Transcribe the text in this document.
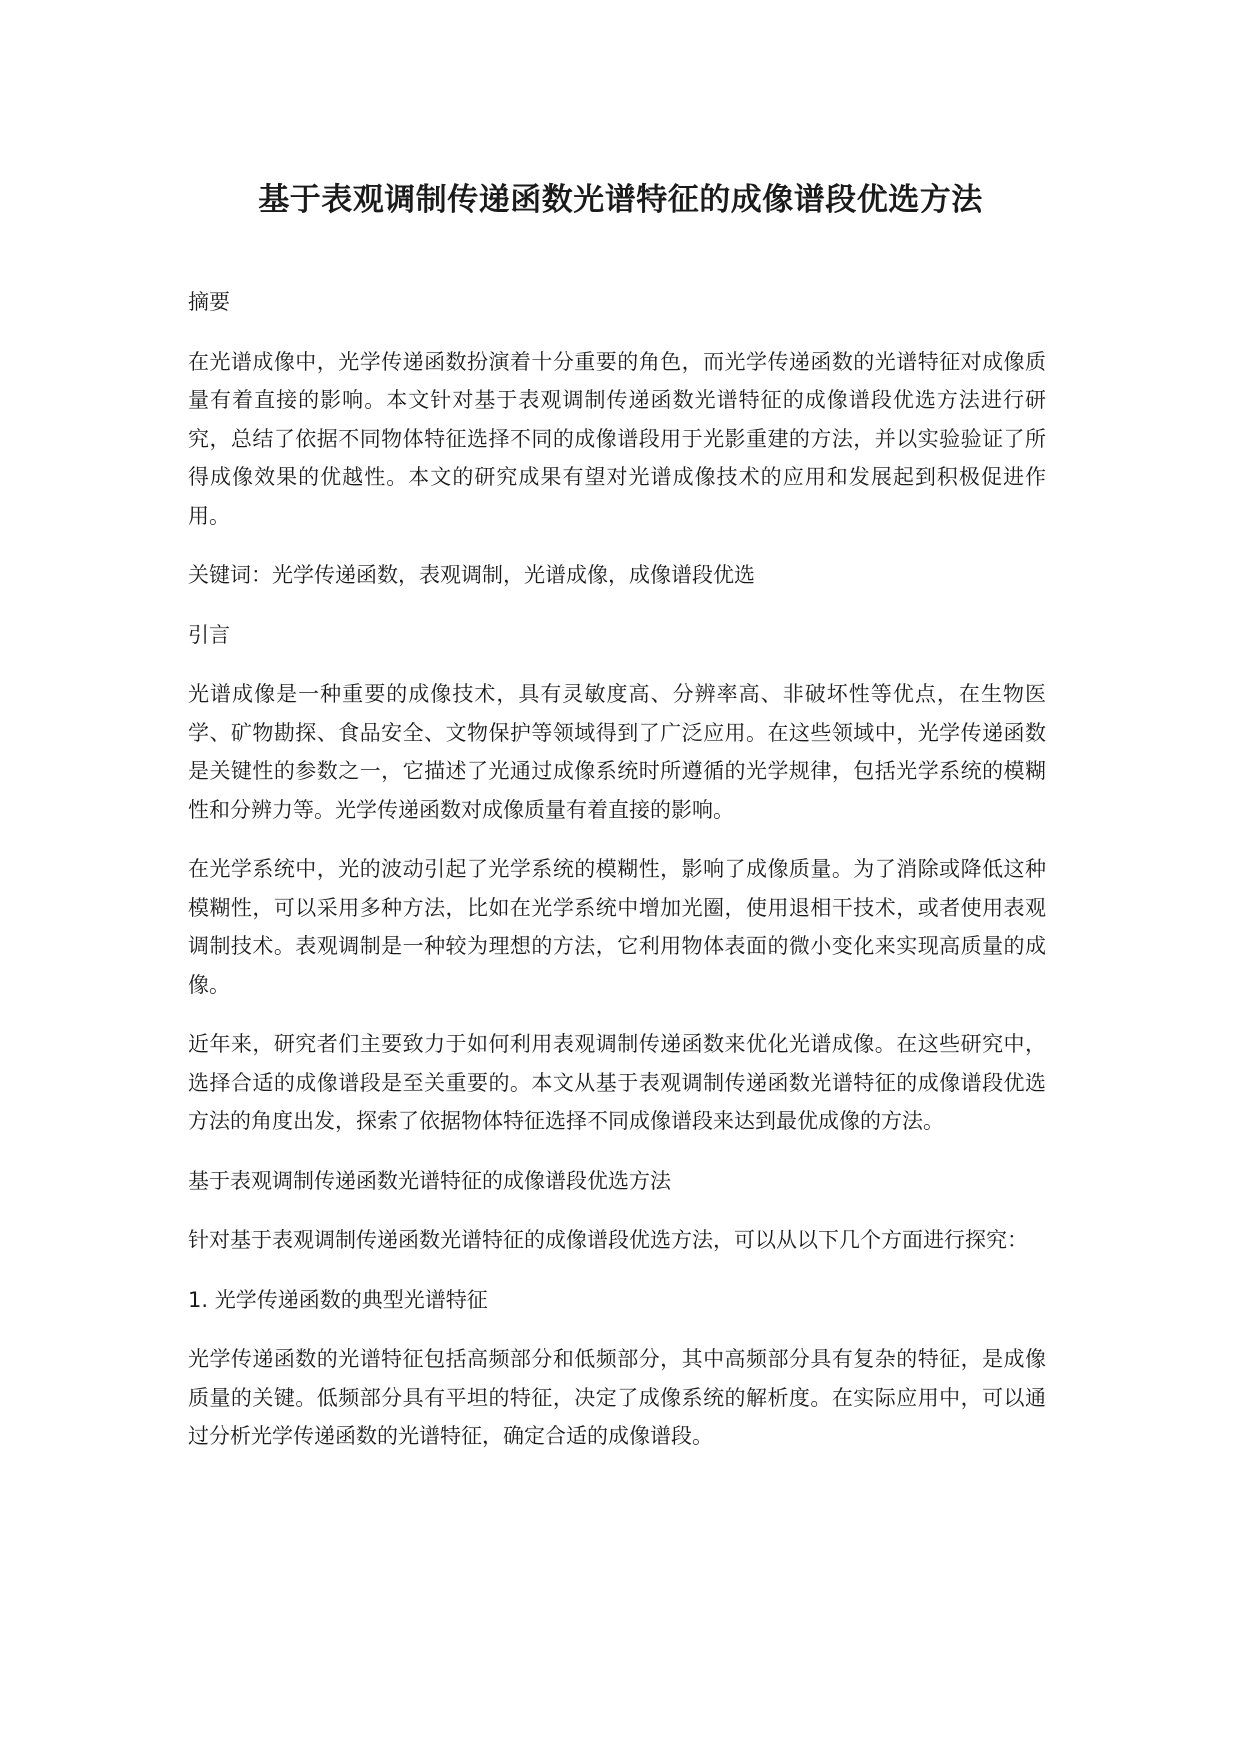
基于表观调制传递函数光谱特征的成像谱段优选方法

摘要

在光谱成像中，光学传递函数扮演着十分重要的角色，而光学传递函数的光谱特征对成像质量有着直接的影响。本文针对基于表观调制传递函数光谱特征的成像谱段优选方法进行研究，总结了依据不同物体特征选择不同的成像谱段用于光影重建的方法，并以实验验证了所得成像效果的优越性。本文的研究成果有望对光谱成像技术的应用和发展起到积极促进作用。

关键词：光学传递函数，表观调制，光谱成像，成像谱段优选

引言

光谱成像是一种重要的成像技术，具有灵敏度高、分辨率高、非破坏性等优点，在生物医学、矿物勘探、食品安全、文物保护等领域得到了广泛应用。在这些领域中，光学传递函数是关键性的参数之一，它描述了光通过成像系统时所遵循的光学规律，包括光学系统的模糊性和分辨力等。光学传递函数对成像质量有着直接的影响。

在光学系统中，光的波动引起了光学系统的模糊性，影响了成像质量。为了消除或降低这种模糊性，可以采用多种方法，比如在光学系统中增加光圈，使用退相干技术，或者使用表观调制技术。表观调制是一种较为理想的方法，它利用物体表面的微小变化来实现高质量的成像。

近年来，研究者们主要致力于如何利用表观调制传递函数来优化光谱成像。在这些研究中，选择合适的成像谱段是至关重要的。本文从基于表观调制传递函数光谱特征的成像谱段优选方法的角度出发，探索了依据物体特征选择不同成像谱段来达到最优成像的方法。

基于表观调制传递函数光谱特征的成像谱段优选方法

针对基于表观调制传递函数光谱特征的成像谱段优选方法，可以从以下几个方面进行探究：

1. 光学传递函数的典型光谱特征

光学传递函数的光谱特征包括高频部分和低频部分，其中高频部分具有复杂的特征，是成像质量的关键。低频部分具有平坦的特征，决定了成像系统的解析度。在实际应用中，可以通过分析光学传递函数的光谱特征，确定合适的成像谱段。
